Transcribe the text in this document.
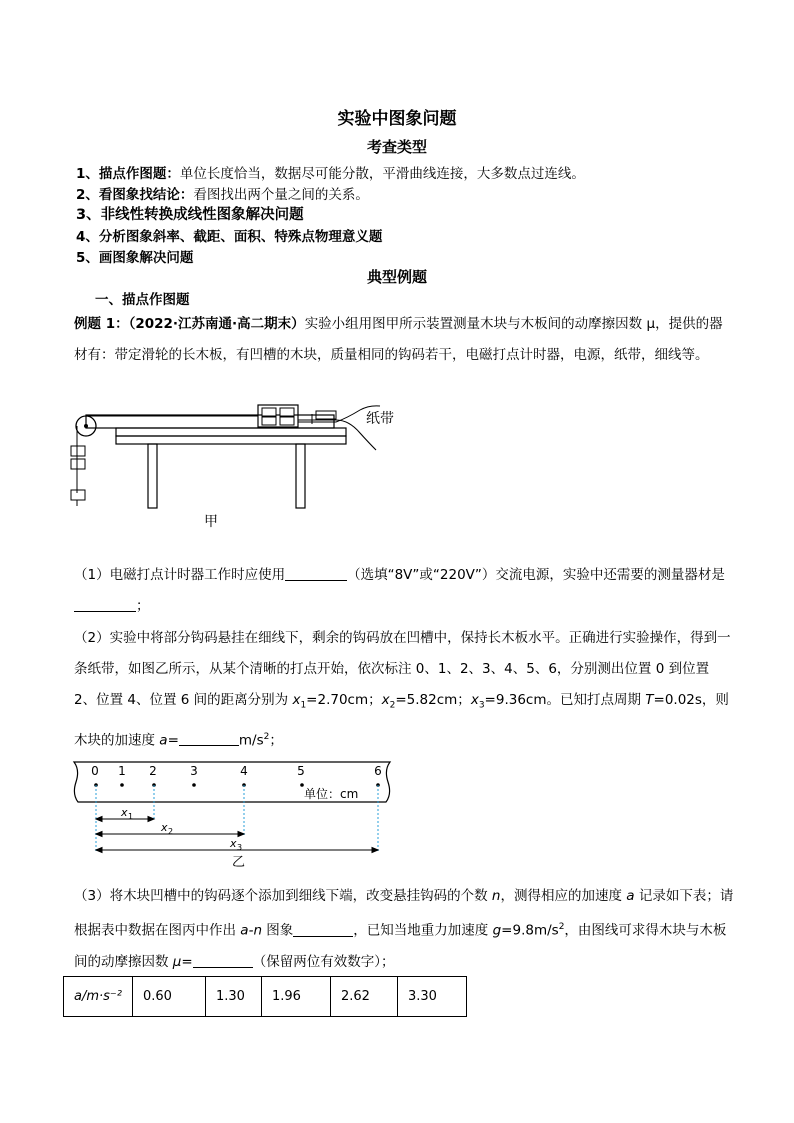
实验中图象问题
考查类型
1、描点作图题：单位长度恰当，数据尽可能分散，平滑曲线连接，大多数点过连线。
2、看图象找结论：看图找出两个量之间的关系。
3、非线性转换成线性图象解决问题
4、分析图象斜率、截距、面积、特殊点物理意义题
5、画图象解决问题
典型例题
一、描点作图题
例题 1：（2022·江苏南通·高二期末）实验小组用图甲所示装置测量木块与木板间的动摩擦因数 μ，提供的器材有：带定滑轮的长木板，有凹槽的木块，质量相同的钩码若干，电磁打点计时器，电源，纸带，细线等。
纸带
甲
（1）电磁打点计时器工作时应使用	（选填“8V”或“220V”）交流电源，实验中还需要的测量器材是
；
（2）实验中将部分钩码悬挂在细线下，剩余的钩码放在凹槽中，保持长木板水平。正确进行实验操作，得到一条纸带，如图乙所示，从某个清晰的打点开始，依次标注 0、1、2、3、4、5、6，分别测出位置 0 到位置 2、位置 4、位置 6 间的距离分别为 $x_1=2.70cm$；$x_2=5.82cm$；$x_3=9.36cm$。已知打点周期 T=0.02s，则木块的加速度 a=	$m/s^2$；
0 1 2	3	4	5	6
单位：cm
x
x
x
1
2
3
乙
（3）将木块凹槽中的钩码逐个添加到细线下端，改变悬挂钩码的个数 n，测得相应的加速度 a 记录如下表；请根据表中数据在图丙中作出 a-n 图象	，已知当地重力加速度 $g=9.8m/s^2$，由图线可求得木块与木板间的动摩擦因数 μ=	（保留两位有效数字）；
a/m·s⁻²	0.60	1.30	1.96	2.62	3.30
